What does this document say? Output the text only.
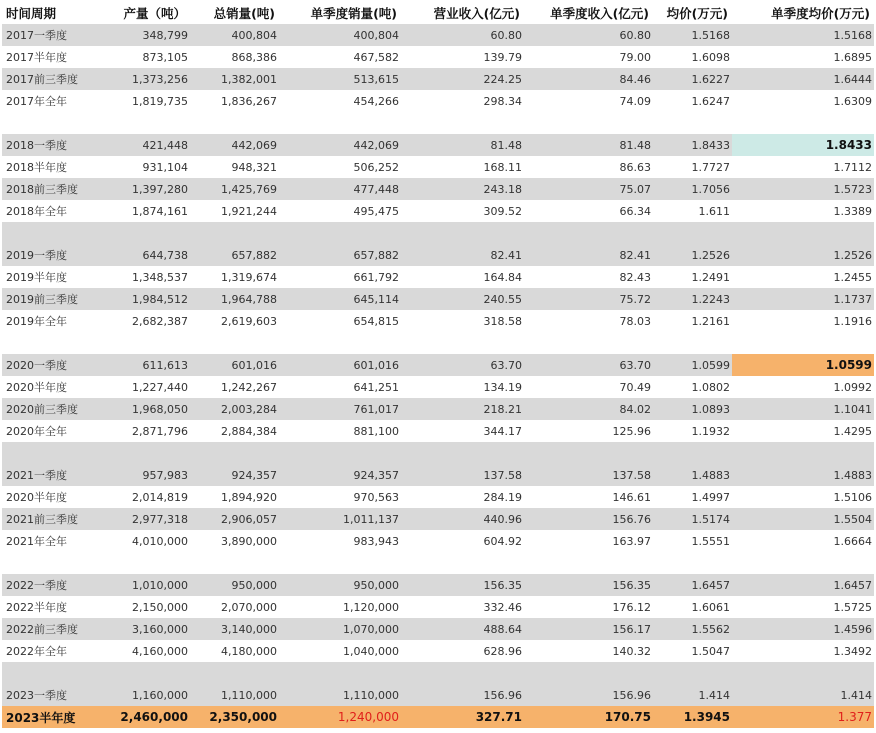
时间周期	产量（吨）	总销量(吨)	单季度销量(吨)	营业收入(亿元)	单季度收入(亿元)	均价(万元)	单季度均价(万元)
2017一季度	348,799	400,804	400,804	60.80	60.80	1.5168	1.5168
2017半年度	873,105	868,386	467,582	139.79	79.00	1.6098	1.6895
2017前三季度	1,373,256	1,382,001	513,615	224.25	84.46	1.6227	1.6444
2017年全年	1,819,735	1,836,267	454,266	298.34	74.09	1.6247	1.6309

2018一季度	421,448	442,069	442,069	81.48	81.48	1.8433	1.8433
2018半年度	931,104	948,321	506,252	168.11	86.63	1.7727	1.7112
2018前三季度	1,397,280	1,425,769	477,448	243.18	75.07	1.7056	1.5723
2018年全年	1,874,161	1,921,244	495,475	309.52	66.34	1.611	1.3389

2019一季度	644,738	657,882	657,882	82.41	82.41	1.2526	1.2526
2019半年度	1,348,537	1,319,674	661,792	164.84	82.43	1.2491	1.2455
2019前三季度	1,984,512	1,964,788	645,114	240.55	75.72	1.2243	1.1737
2019年全年	2,682,387	2,619,603	654,815	318.58	78.03	1.2161	1.1916

2020一季度	611,613	601,016	601,016	63.70	63.70	1.0599	1.0599
2020半年度	1,227,440	1,242,267	641,251	134.19	70.49	1.0802	1.0992
2020前三季度	1,968,050	2,003,284	761,017	218.21	84.02	1.0893	1.1041
2020年全年	2,871,796	2,884,384	881,100	344.17	125.96	1.1932	1.4295

2021一季度	957,983	924,357	924,357	137.58	137.58	1.4883	1.4883
2020半年度	2,014,819	1,894,920	970,563	284.19	146.61	1.4997	1.5106
2021前三季度	2,977,318	2,906,057	1,011,137	440.96	156.76	1.5174	1.5504
2021年全年	4,010,000	3,890,000	983,943	604.92	163.97	1.5551	1.6664

2022一季度	1,010,000	950,000	950,000	156.35	156.35	1.6457	1.6457
2022半年度	2,150,000	2,070,000	1,120,000	332.46	176.12	1.6061	1.5725
2022前三季度	3,160,000	3,140,000	1,070,000	488.64	156.17	1.5562	1.4596
2022年全年	4,160,000	4,180,000	1,040,000	628.96	140.32	1.5047	1.3492

2023一季度	1,160,000	1,110,000	1,110,000	156.96	156.96	1.414	1.414
2023半年度	2,460,000	2,350,000	1,240,000	327.71	170.75	1.3945	1.377
